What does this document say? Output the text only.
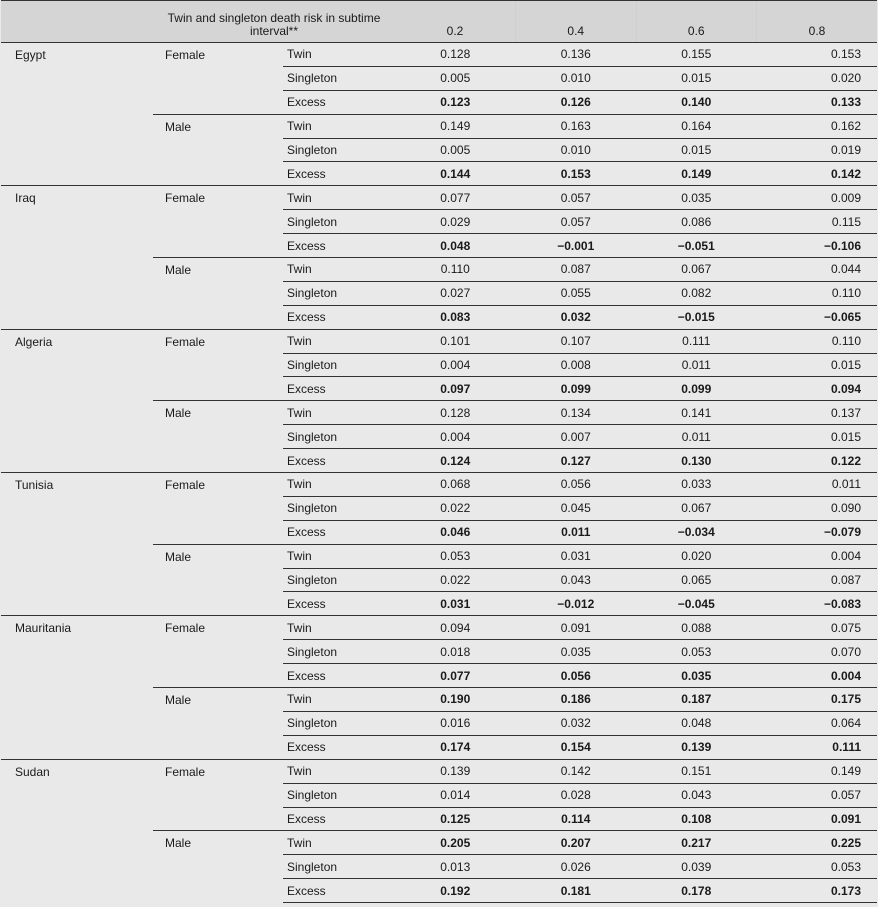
	Twin and singleton death risk in subtime interval**		0.2	0.4	0.6	0.8
Egypt	Female	Twin	0.128	0.136	0.155	0.153
		Singleton	0.005	0.010	0.015	0.020
		Excess	0.123	0.126	0.140	0.133
	Male	Twin	0.149	0.163	0.164	0.162
		Singleton	0.005	0.010	0.015	0.019
		Excess	0.144	0.153	0.149	0.142
Iraq	Female	Twin	0.077	0.057	0.035	0.009
		Singleton	0.029	0.057	0.086	0.115
		Excess	0.048	−0.001	−0.051	−0.106
	Male	Twin	0.110	0.087	0.067	0.044
		Singleton	0.027	0.055	0.082	0.110
		Excess	0.083	0.032	−0.015	−0.065
Algeria	Female	Twin	0.101	0.107	0.111	0.110
		Singleton	0.004	0.008	0.011	0.015
		Excess	0.097	0.099	0.099	0.094
	Male	Twin	0.128	0.134	0.141	0.137
		Singleton	0.004	0.007	0.011	0.015
		Excess	0.124	0.127	0.130	0.122
Tunisia	Female	Twin	0.068	0.056	0.033	0.011
		Singleton	0.022	0.045	0.067	0.090
		Excess	0.046	0.011	−0.034	−0.079
	Male	Twin	0.053	0.031	0.020	0.004
		Singleton	0.022	0.043	0.065	0.087
		Excess	0.031	−0.012	−0.045	−0.083
Mauritania	Female	Twin	0.094	0.091	0.088	0.075
		Singleton	0.018	0.035	0.053	0.070
		Excess	0.077	0.056	0.035	0.004
	Male	Twin	0.190	0.186	0.187	0.175
		Singleton	0.016	0.032	0.048	0.064
		Excess	0.174	0.154	0.139	0.111
Sudan	Female	Twin	0.139	0.142	0.151	0.149
		Singleton	0.014	0.028	0.043	0.057
		Excess	0.125	0.114	0.108	0.091
	Male	Twin	0.205	0.207	0.217	0.225
		Singleton	0.013	0.026	0.039	0.053
		Excess	0.192	0.181	0.178	0.173
